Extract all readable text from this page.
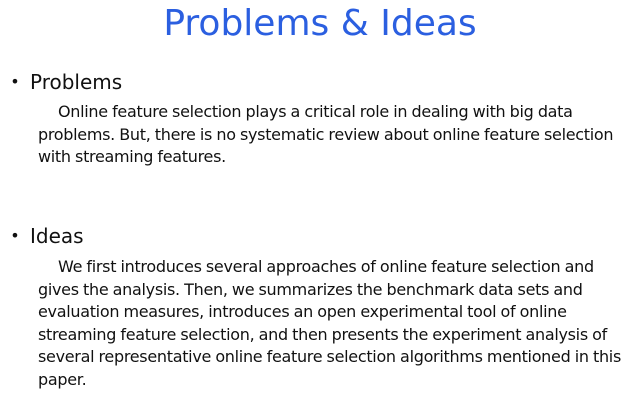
Problems & Ideas
• Problems

Online feature selection plays a critical role in dealing with big data problems. But, there is no systematic review about online feature selection with streaming features.

• Ideas

We first introduces several approaches of online feature selection and gives the analysis. Then, we summarizes the benchmark data sets and evaluation measures, introduces an open experimental tool of online streaming feature selection, and then presents the experiment analysis of several representative online feature selection algorithms mentioned in this paper.
